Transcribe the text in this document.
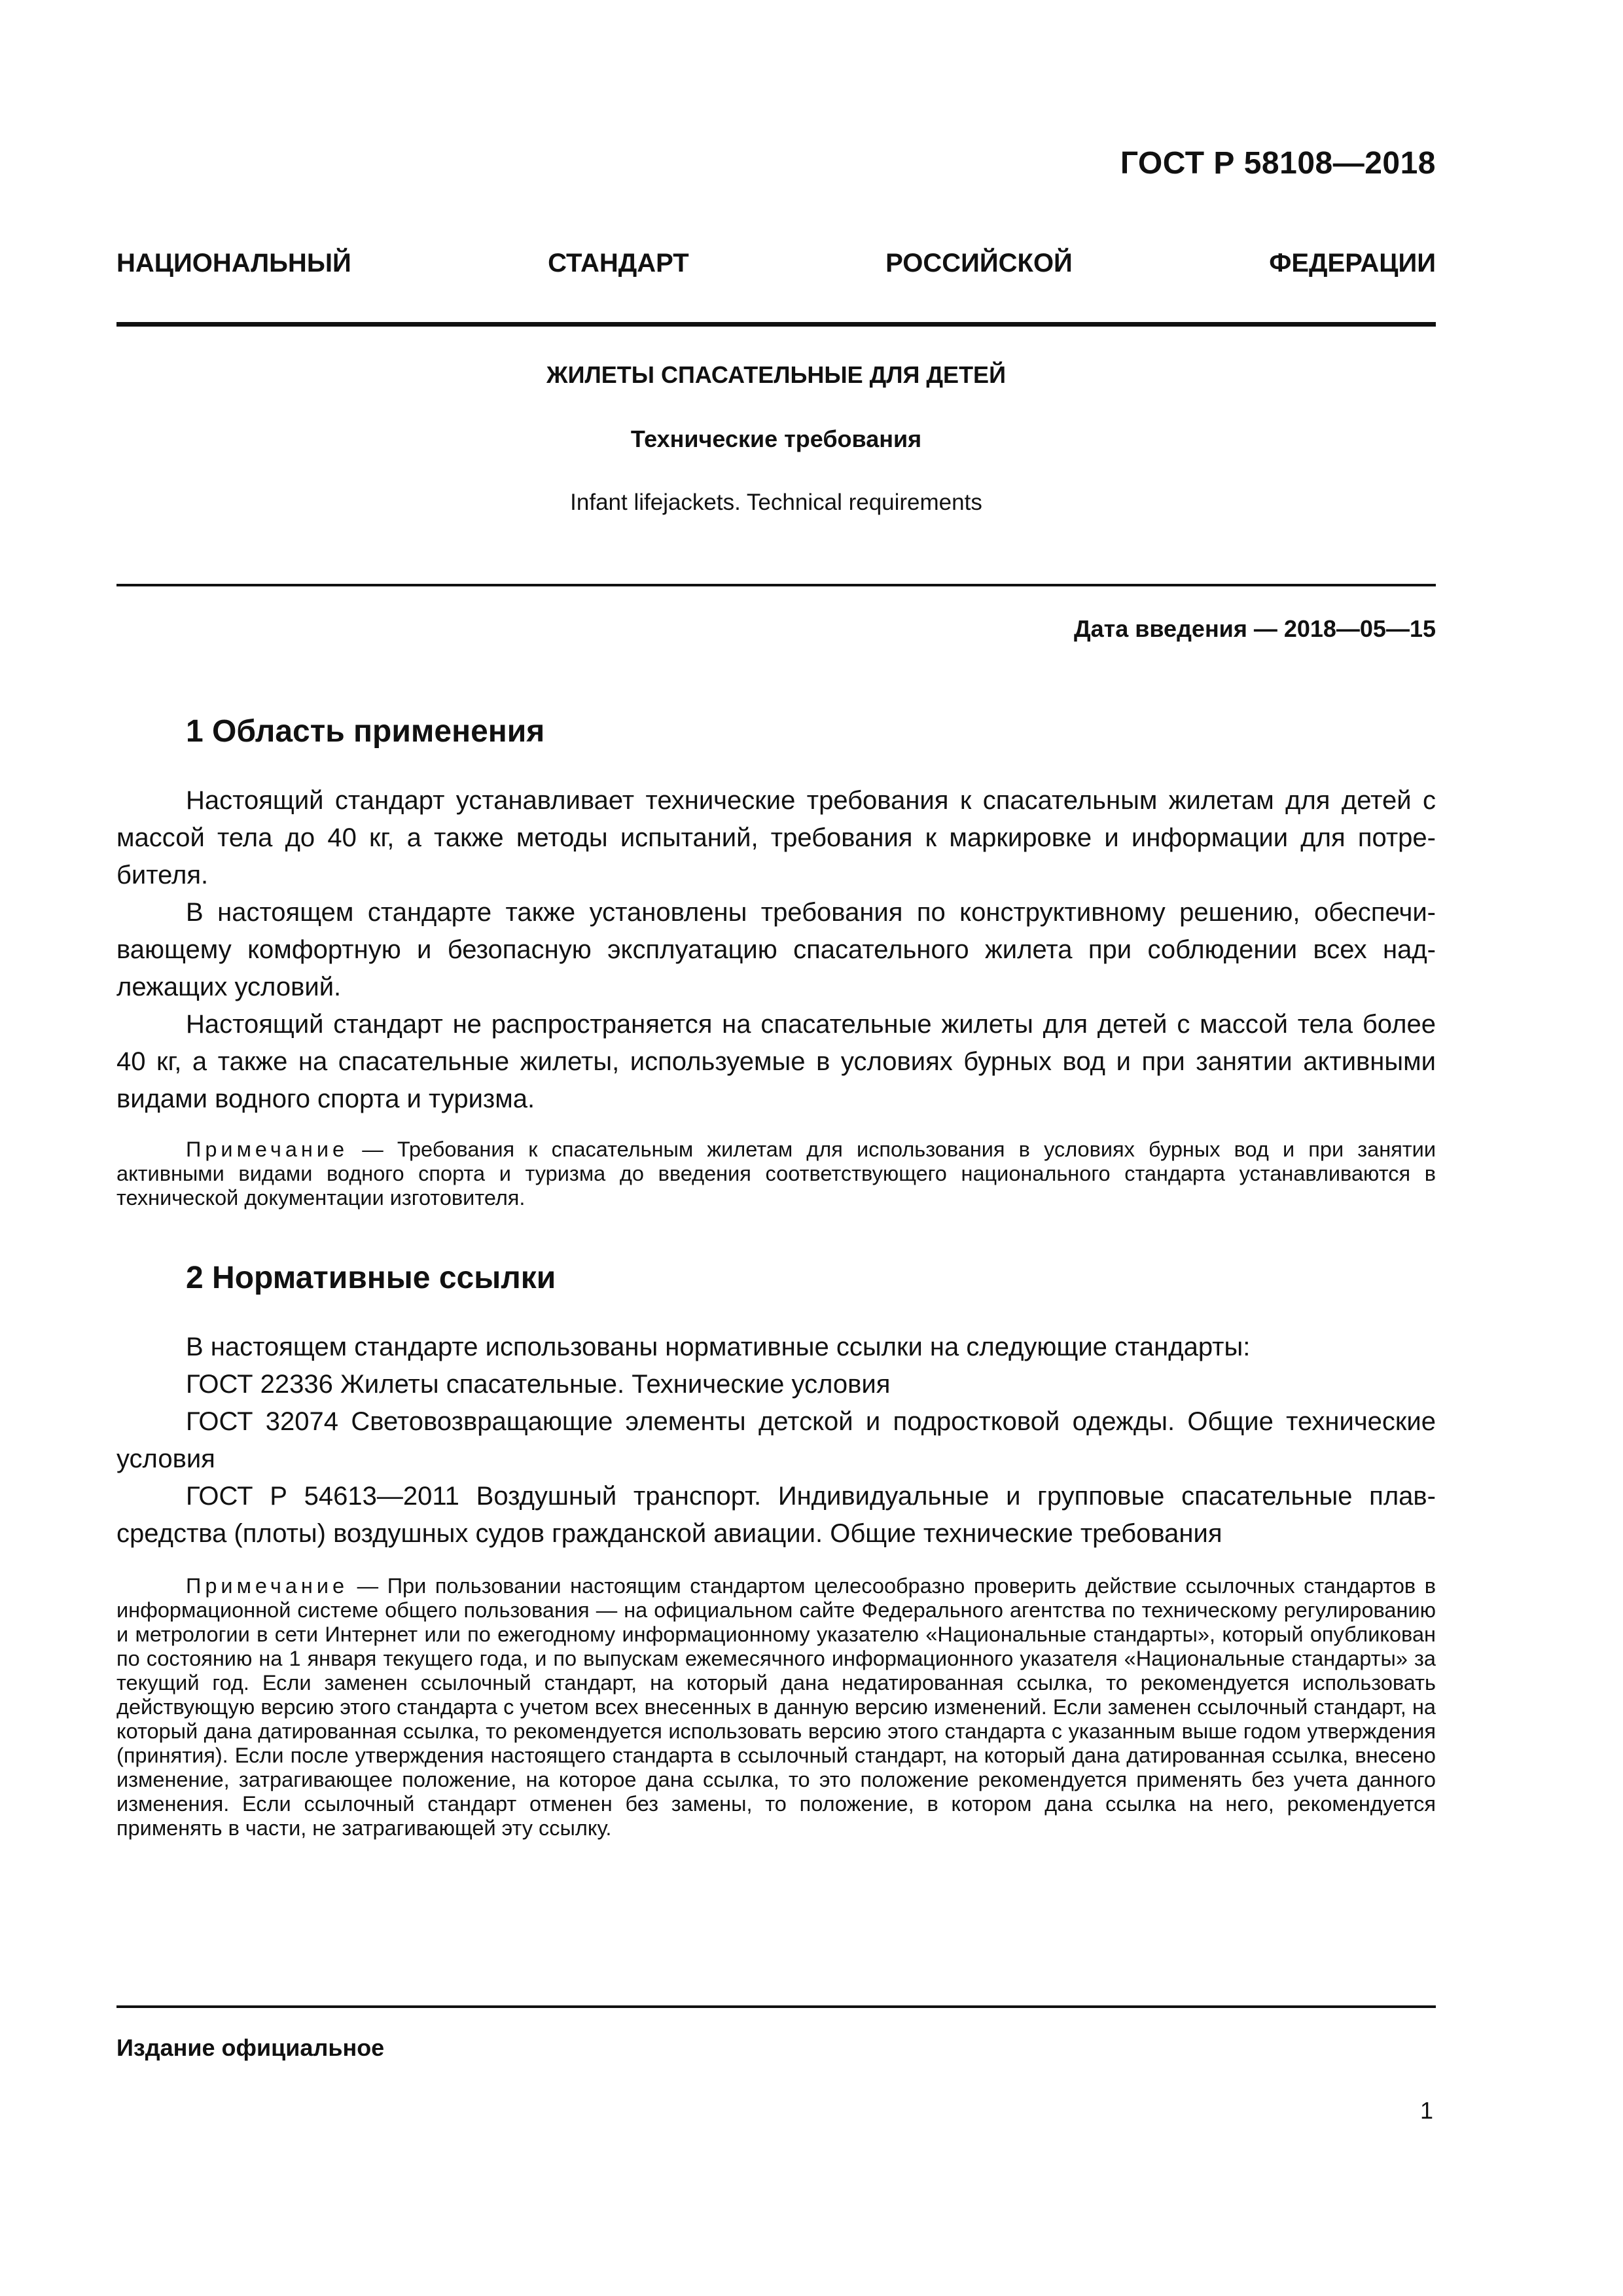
ГОСТ Р 58108—2018
НАЦИОНАЛЬНЫЙ СТАНДАРТ РОССИЙСКОЙ ФЕДЕРАЦИИ
ЖИЛЕТЫ СПАСАТЕЛЬНЫЕ ДЛЯ ДЕТЕЙ
Технические требования
Infant lifejackets. Technical requirements
Дата введения — 2018—05—15
1 Область применения

Настоящий стандарт устанавливает технические требования к спасательным жилетам для детей с массой тела до 40 кг, а также методы испытаний, требования к маркировке и информации для потребителя.

В настоящем стандарте также установлены требования по конструктивному решению, обеспечивающему комфортную и безопасную эксплуатацию спасательного жилета при соблюдении всех надлежащих условий.

Настоящий стандарт не распространяется на спасательные жилеты для детей с массой тела более 40 кг, а также на спасательные жилеты, используемые в условиях бурных вод и при занятии активными видами водного спорта и туризма.

Примечание — Требования к спасательным жилетам для использования в условиях бурных вод и при занятии активными видами водного спорта и туризма до введения соответствующего национального стандарта устанавливаются в технической документации изготовителя.

2 Нормативные ссылки

В настоящем стандарте использованы нормативные ссылки на следующие стандарты:

ГОСТ 22336 Жилеты спасательные. Технические условия

ГОСТ 32074 Световозвращающие элементы детской и подростковой одежды. Общие технические условия

ГОСТ Р 54613—2011 Воздушный транспорт. Индивидуальные и групповые спасательные плавсредства (плоты) воздушных судов гражданской авиации. Общие технические требования

Примечание — При пользовании настоящим стандартом целесообразно проверить действие ссылочных стандартов в информационной системе общего пользования — на официальном сайте Федерального агентства по техническому регулированию и метрологии в сети Интернет или по ежегодному информационному указателю «Национальные стандарты», который опубликован по состоянию на 1 января текущего года, и по выпускам ежемесячного информационного указателя «Национальные стандарты» за текущий год. Если заменен ссылочный стандарт, на который дана недатированная ссылка, то рекомендуется использовать действующую версию этого стандарта с учетом всех внесенных в данную версию изменений. Если заменен ссылочный стандарт, на который дана датированная ссылка, то рекомендуется использовать версию этого стандарта с указанным выше годом утверждения (принятия). Если после утверждения настоящего стандарта в ссылочный стандарт, на который дана датированная ссылка, внесено изменение, затрагивающее положение, на которое дана ссылка, то это положение рекомендуется применять без учета данного изменения. Если ссылочный стандарт отменен без замены, то положение, в котором дана ссылка на него, рекомендуется применять в части, не затрагивающей эту ссылку.

Издание официальное
1
